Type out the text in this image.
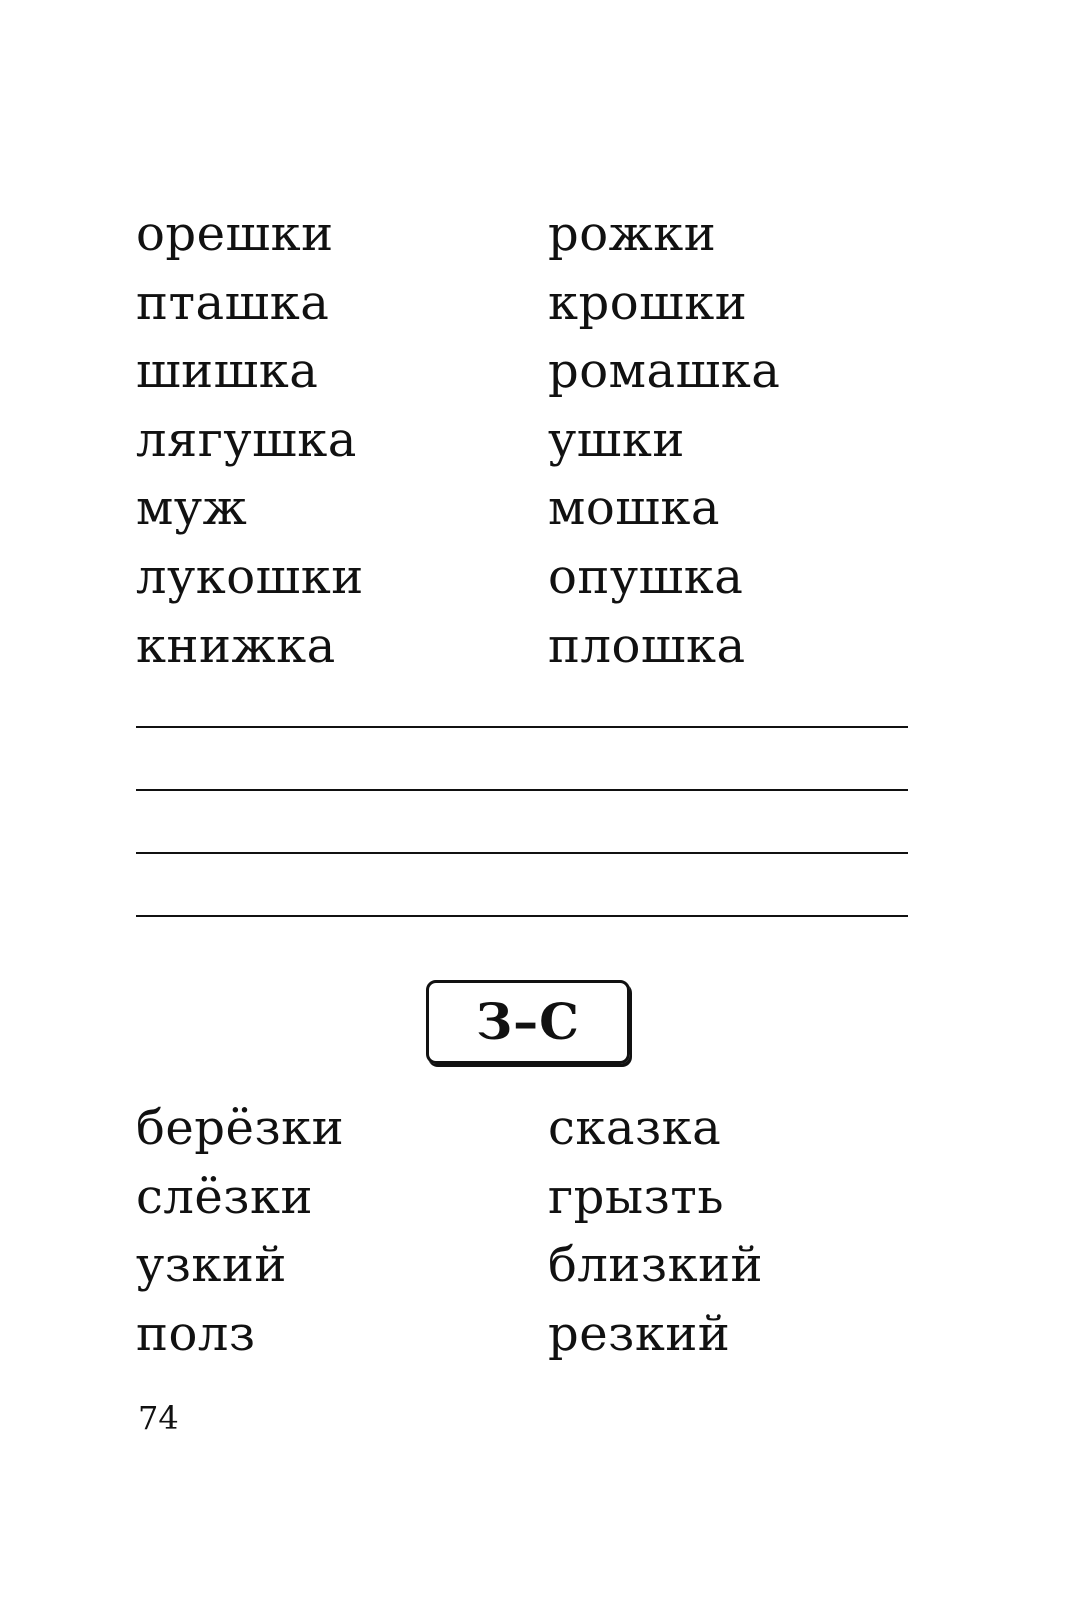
орешки
пташка
шишка
лягушка
муж
лукошки
книжка
рожки
крошки
ромашка
ушки
мошка
опушка
плошка
З–С
берёзки
слёзки
узкий
полз
сказка
грызть
близкий
резкий
74
